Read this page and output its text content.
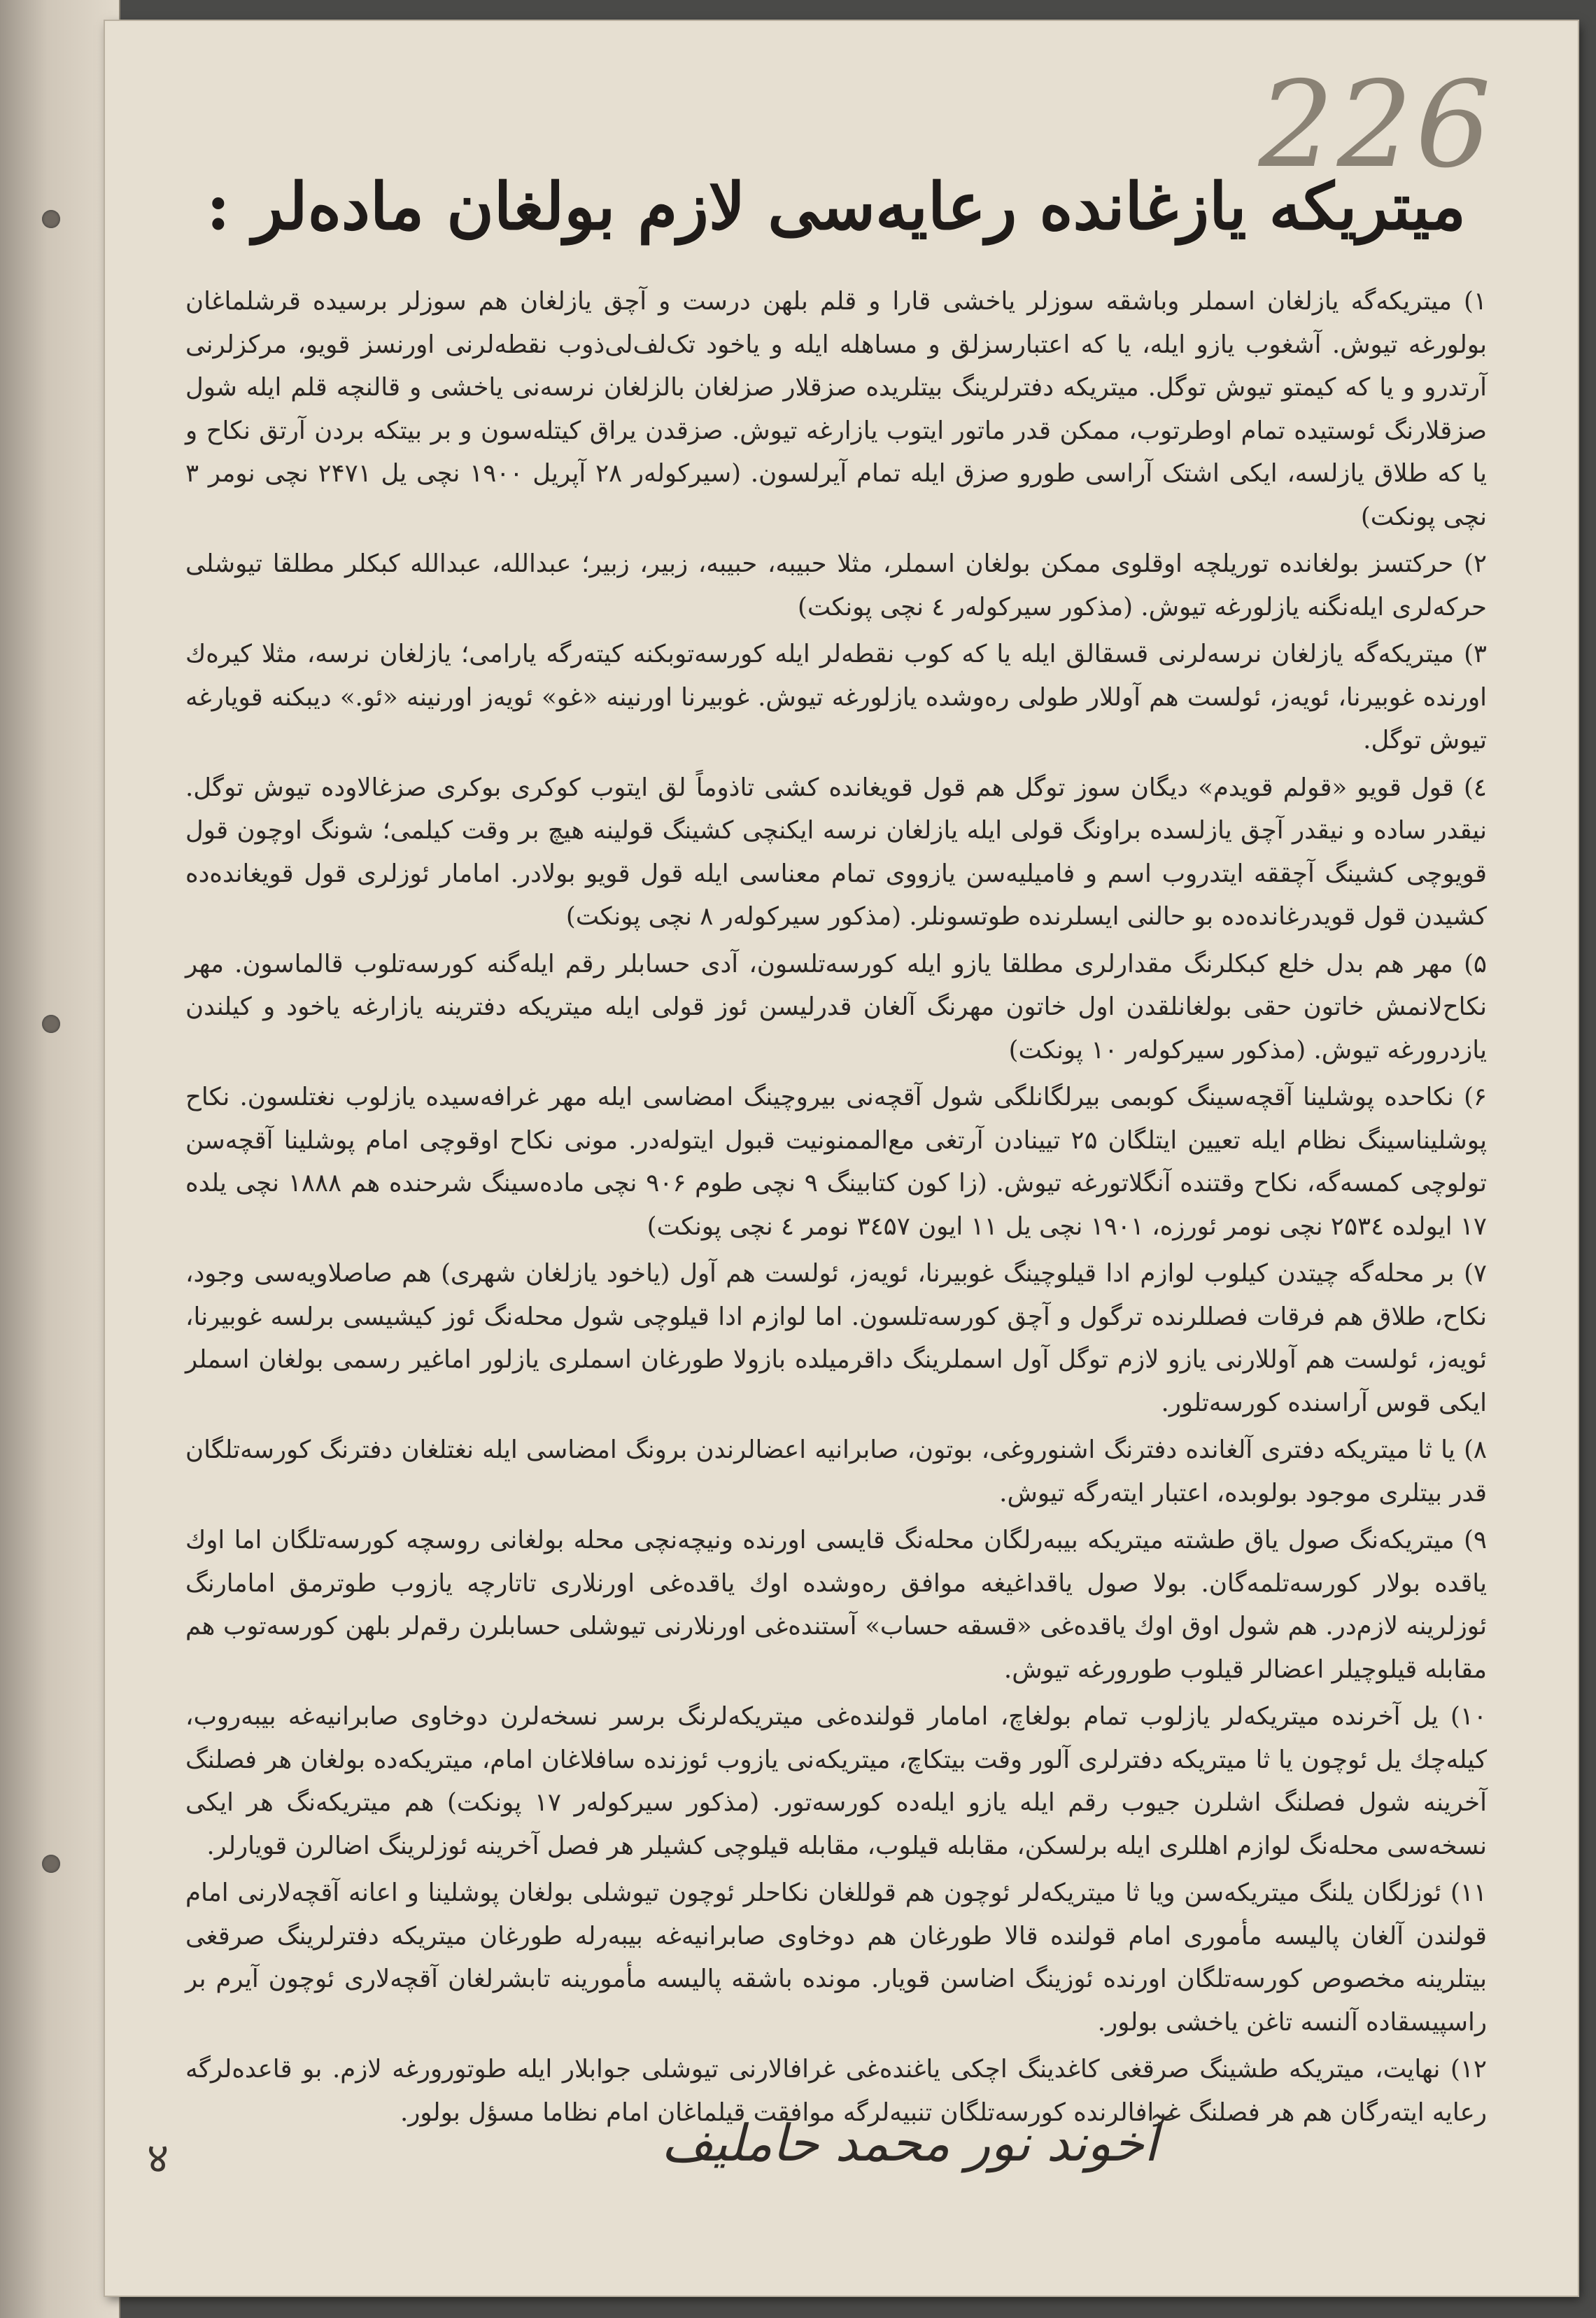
226
میتریکه یازغانده رعایه‌سی لازم بولغان ماده‌لر :

۱) میتریکه‌گه یازلغان اسملر وباشقه سوزلر یاخشی قارا و قلم بلهن درست و آچق یازلغان هم سوزلر برسیده قرشلماغان بولورغه تیوش. آشغوب یازو ایله، یا که اعتبارسزلق و مساهله ایله و یاخود تک‌لف‌لی‌ذوب نقطه‌لرنی اورنسز قویو، مرکزلرنی آرتدرو و یا که کیمتو تیوش توگل. میتریکه دفترلرینگ بیتلریده صزقلار صزلغان بالزلغان نرسه‌نی یاخشی و قالنچه قلم ایله شول صزقلارنگ ئوستیده تمام اوطرتوب، ممکن قدر ماتور ایتوب یازارغه تیوش. صزقدن یراق کیتله‌سون و بر بیتکه بردن آرتق نکاح و یا که طلاق یازلسه، ایکی اشتک آراسی طورو صزق ایله تمام آیرلسون. (سیرکوله‌ر ۲۸ آپریل ۱۹۰۰ نچی یل ۲۴۷۱ نچی نومر ۳ نچی پونکت)

۲) حرکتسز بولغانده توریلچه اوقلوی ممکن بولغان اسملر، مثلا حبیبه، حبیبه، زبیر، زبیر؛ عبدالله، عبدالله کبکلر مطلقا تیوشلی حرکه‌لری ایله‌نگنه یازلورغه تیوش. (مذکور سیرکوله‌ر ٤ نچی پونکت)

۳) میتریکه‌گه یازلغان نرسه‌لرنی قسقالق ایله یا که کوب نقطه‌لر ایله کورسه‌توبکنه کیته‌رگه یارامی؛ یازلغان نرسه، مثلا کیره‌ك اورنده غوبیرنا، ئویه‌ز، ئولست هم آوللار طولی ره‌وشده یازلورغه تیوش. غوبیرنا اورنینه «غو» ئویه‌ز اورنینه «ئو.» دیبکنه قویارغه تیوش توگل.

٤) قول قویو «قولم قویدم» دیگان سوز توگل هم قول قویغانده کشی تاذوماً لق ایتوب کوکری بوکری صزغالاوده تیوش توگل. نیقدر ساده و نیقدر آچق یازلسده براونگ قولی ایله یازلغان نرسه ایکنچی کشینگ قولینه هیچ بر وقت کیلمی؛ شونگ اوچون قول قویوچی کشینگ آچققه ایتدروب اسم و فامیلیه‌سن یازووی تمام معناسی ایله قول قویو بولادر. امامار ئوزلری قول قویغانده‌ده کشیدن قول قویدرغانده‌ده بو حالنی ایسلرنده طوتسونلر. (مذکور سیرکوله‌ر ۸ نچی پونکت)

۵) مهر هم بدل خلع کبکلرنگ مقدارلری مطلقا یازو ایله کورسه‌تلسون، آدی حسابلر رقم ایله‌گنه کورسه‌تلوب قالماسون. مهر نکاح‌لانمش خاتون حقی بولغانلقدن اول خاتون مهرنگ آلغان قدرلیسن ئوز قولی ایله میتریکه دفترینه یازارغه یاخود و کیلندن یازدرورغه تیوش. (مذکور سیرکوله‌ر ۱۰ پونکت)

۶) نکاحده پوشلینا آقچه‌سینگ کوبمی بیرلگانلگی شول آقچه‌نی بیروچینگ امضاسی ایله مهر غرافه‌سیده یازلوب نغتلسون. نکاح پوشلیناسینگ نظام ایله تعیین ایتلگان ۲۵ تیینادن آرتغی مع‌الممنونیت قبول ایتوله‌در. مونی نکاح اوقوچی امام پوشلینا آقچه‌سن تولوچی کمسه‌گه، نکاح وقتنده آنگلاتورغه تیوش. (زا کون کتابینگ ۹ نچی طوم ۹۰۶ نچی ماده‌سینگ شرحنده هم ۱۸۸۸ نچی یلده ۱۷ ایولده ۲۵۳٤ نچی نومر ئورزه، ۱۹۰۱ نچی یل ۱۱ ایون ۳٤۵۷ نومر ٤ نچی پونکت)

۷) بر محله‌گه چیتدن کیلوب لوازم ادا قیلوچینگ غوبیرنا، ئویه‌ز، ئولست هم آول (یاخود یازلغان شهری) هم صاصلاویه‌سی وجود، نکاح، طلاق هم فرقات فصللرنده ترگول و آچق کورسه‌تلسون. اما لوازم ادا قیلوچی شول محله‌نگ ئوز کیشیسی برلسه غوبیرنا، ئویه‌ز، ئولست هم آوللارنی یازو لازم توگل آول اسملرینگ داقرمیلده بازولا طورغان اسملری یازلور اماغیر رسمی بولغان اسملر ایکی قوس آراسنده کورسه‌تلور.

۸) یا ثا میتریکه دفتری آلغانده دفترنگ اشنوروغی، بوتون، صابرانیه اعضالرندن برونگ امضاسی ایله نغتلغان دفترنگ کورسه‌تلگان قدر بیتلری موجود بولوبده، اعتبار ایته‌رگه تیوش.

۹) میتریکه‌نگ صول یاق طشته میتریکه بیبه‌رلگان محله‌نگ قایسی اورنده ونیچه‌نچی محله بولغانی روسچه کورسه‌تلگان اما اوك یاقده بولار کورسه‌تلمه‌گان. بولا صول یاقداغیغه موافق ره‌وشده اوك یاقده‌غی اورنلاری تاتارچه یازوب طوترمق امامارنگ ئوزلرینه لازم‌در. هم شول اوق اوك یاقده‌غی «قسقه حساب» آستنده‌غی اورنلارنی تیوشلی حسابلرن رقم‌لر بلهن کورسه‌توب هم مقابله قیلوچیلر اعضالر قیلوب طورورغه تیوش.

۱۰) یل آخرنده میتریکه‌لر یازلوب تمام بولغاچ، امامار قولنده‌غی میتریکه‌لرنگ برسر نسخه‌لرن دوخاوی صابرانیه‌غه بیبه‌روب، کیله‌چك یل ئوچون یا ثا میتریکه دفترلری آلور وقت بیتکاچ، میتریکه‌نی یازوب ئوزنده سافلاغان امام، میتریکه‌ده بولغان هر فصلنگ آخرینه شول فصلنگ اشلرن جیوب رقم ایله یازو ایله‌ده کورسه‌تور. (مذکور سیرکوله‌ر ۱۷ پونکت) هم میتریکه‌نگ هر ایکی نسخه‌سی محله‌نگ لوازم اهللری ایله برلسکن، مقابله قیلوب، مقابله قیلوچی کشیلر هر فصل آخرینه ئوزلرینگ اضالرن قویارلر.

۱۱) ئوزلگان یلنگ میتریکه‌سن ویا ثا میتریکه‌لر ئوچون هم قوللغان نکاحلر ئوچون تیوشلی بولغان پوشلینا و اعانه آقچه‌لارنی امام قولندن آلغان پالیسه مأموری امام قولنده قالا طورغان هم دوخاوی صابرانیه‌غه بیبه‌رله طورغان میتریکه دفترلرینگ صرقغی بیتلرینه مخصوص کورسه‌تلگان اورنده ئوزینگ اضاسن قویار. مونده باشقه پالیسه مأمورینه تابشرلغان آقچه‌لاری ئوچون آیرم بر راسپیسقاده آلنسه تاغن یاخشی بولور.

۱۲) نهایت، میتریکه طشینگ صرقغی کاغدینگ اچکی یاغنده‌غی غرافالارنی تیوشلی جوابلار ایله طوتورورغه لازم. بو قاعده‌لرگه رعایه ایته‌رگان هم هر فصلنگ غرافالرنده کورسه‌تلگان تنبیه‌لرگه موافقت قیلماغان امام نظاما مسؤل بولور.

آخوند نور محمد حاملیف
४
